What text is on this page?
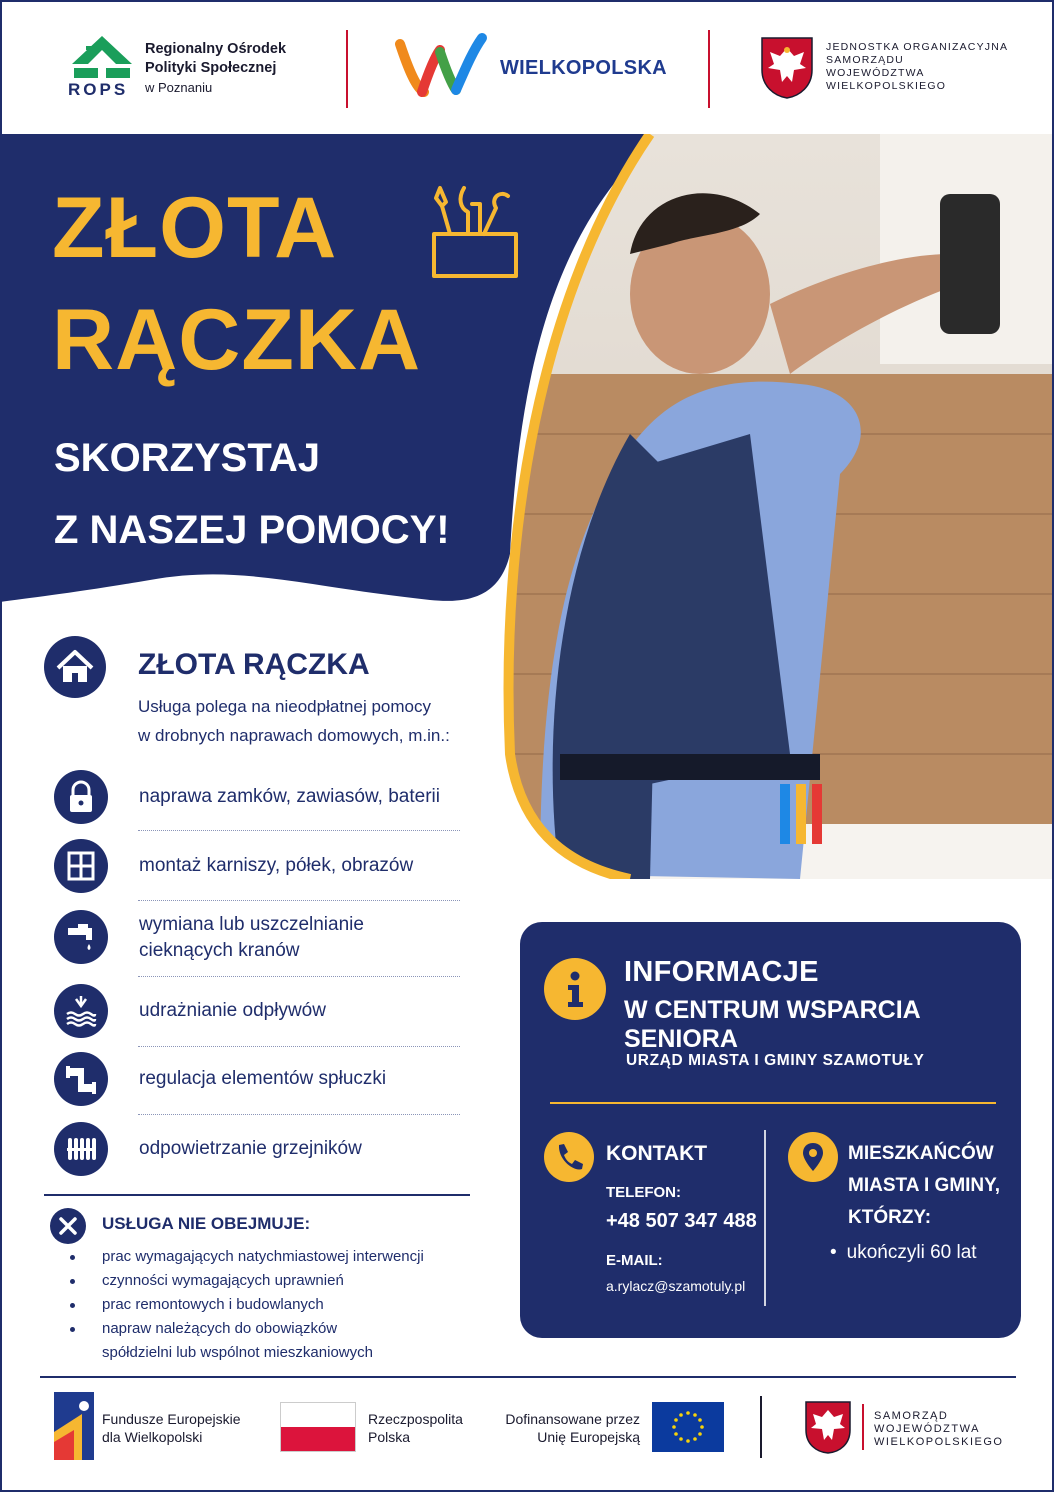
ROPS
Regionalny Ośrodek
Polityki Społecznej
w Poznaniu
WIELKOPOLSKA
JEDNOSTKA ORGANIZACYJNA
SAMORZĄDU
WOJEWÓDZTWA
WIELKOPOLSKIEGO
ZŁOTA
RĄCZKA
SKORZYSTAJ
Z NASZEJ POMOCY!
ZŁOTA RĄCZKA
Usługa polega na nieodpłatnej pomocy
w drobnych naprawach domowych, m.in.:
naprawa zamków, zawiasów, baterii
montaż karniszy, półek, obrazów
wymiana lub uszczelnianie
cieknących kranów
udrażnianie odpływów
regulacja elementów spłuczki
odpowietrzanie grzejników
USŁUGA NIE OBEJMUJE:
prac wymagających natychmiastowej interwencji
czynności wymagających uprawnień
prac remontowych i budowlanych
napraw należących do obowiązków
spółdzielni lub wspólnot mieszkaniowych
INFORMACJE
W CENTRUM WSPARCIA SENIORA
URZĄD MIASTA I GMINY SZAMOTUŁY
KONTAKT
TELEFON:
+48 507 347 488
E-MAIL:
a.rylacz@szamotuly.pl
MIESZKAŃCÓW
MIASTA I GMINY,
KTÓRZY:
• ukończyli 60 lat
Fundusze Europejskie
dla Wielkopolski
Rzeczpospolita
Polska
Dofinansowane przez
Unię Europejską
SAMORZĄD
WOJEWÓDZTWA
WIELKOPOLSKIEGO
